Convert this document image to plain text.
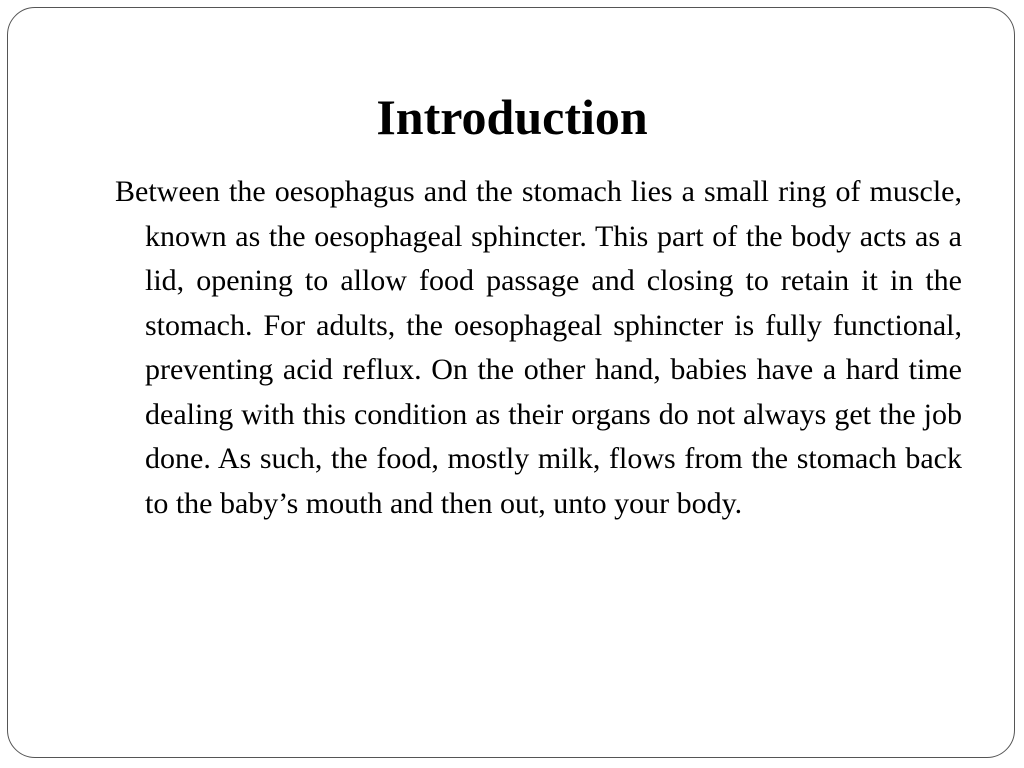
Introduction

Between the oesophagus and the stomach lies a small ring of muscle, known as the oesophageal sphincter. This part of the body acts as a lid, opening to allow food passage and closing to retain it in the stomach. For adults, the oesophageal sphincter is fully functional, preventing acid reflux. On the other hand, babies have a hard time dealing with this condition as their organs do not always get the job done. As such, the food, mostly milk, flows from the stomach back to the baby’s mouth and then out, unto your body.
